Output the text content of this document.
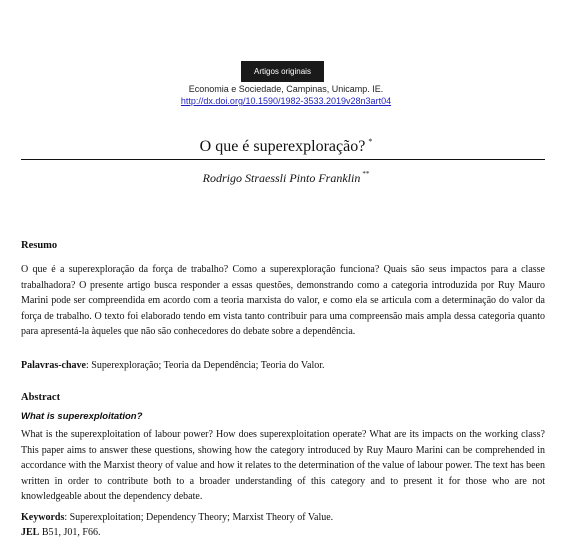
Artigos originais
Economia e Sociedade, Campinas, Unicamp. IE.
http://dx.doi.org/10.1590/1982-3533.2019v28n3art04
O que é superexploração? *
Rodrigo Straessli Pinto Franklin **
Resumo

O que é a superexploração da força de trabalho? Como a superexploração funciona? Quais são seus impactos para a classe trabalhadora? O presente artigo busca responder a essas questões, demonstrando como a categoria introduzida por Ruy Mauro Marini pode ser compreendida em acordo com a teoria marxista do valor, e como ela se articula com a determinação do valor da força de trabalho. O texto foi elaborado tendo em vista tanto contribuir para uma compreensão mais ampla dessa categoria quanto para apresentá-la àqueles que não são conhecedores do debate sobre a dependência.

Palavras-chave: Superexploração; Teoria da Dependência; Teoria do Valor.
Abstract
What is superexploitation?

What is the superexploitation of labour power? How does superexploitation operate? What are its impacts on the working class? This paper aims to answer these questions, showing how the category introduced by Ruy Mauro Marini can be comprehended in accordance with the Marxist theory of value and how it relates to the determination of the value of labour power. The text has been written in order to contribute both to a broader understanding of this category and to present it for those who are not knowledgeable about the dependency debate.

Keywords: Superexploitation; Dependency Theory; Marxist Theory of Value.
JEL B51, J01, F66.
